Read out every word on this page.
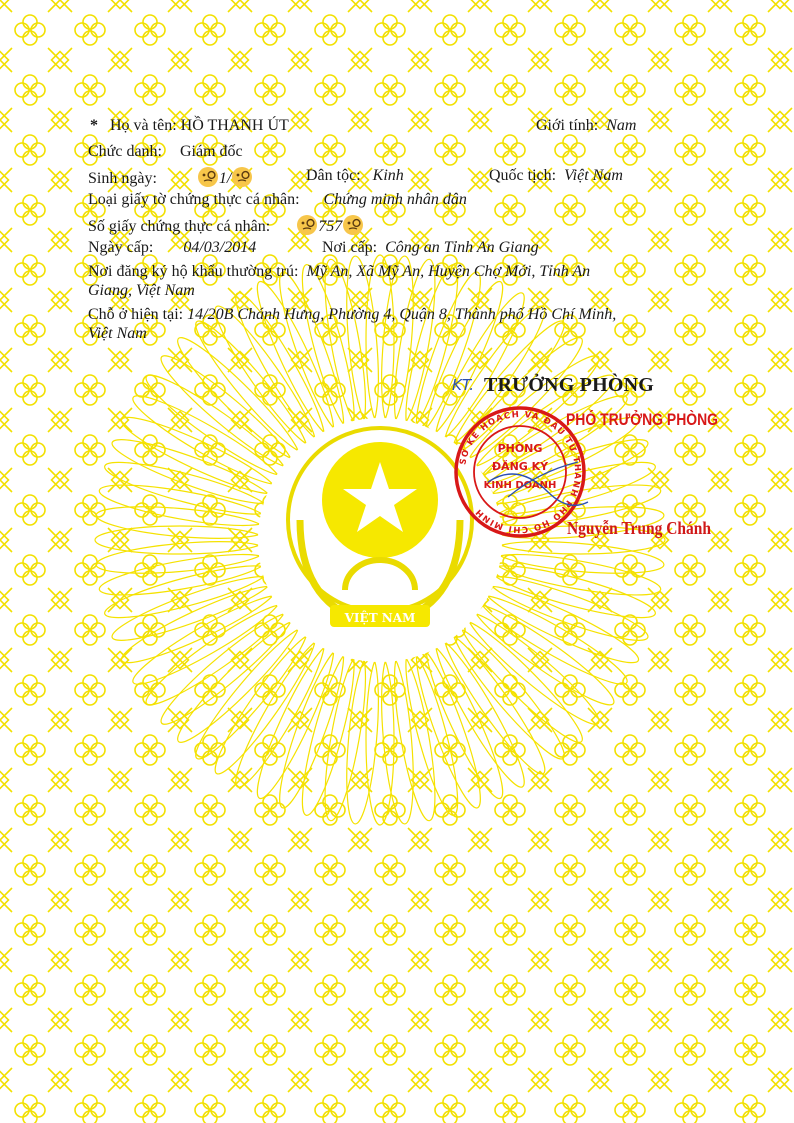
VIỆT NAM
* Họ và tên: HỒ THANH ÚT	Giới tính: Nam
Chức danh: Giám đốc
Sinh ngày:	1/	Dân tộc: Kinh	Quốc tịch: Việt Nam
Loại giấy tờ chứng thực cá nhân: Chứng minh nhân dân
Số giấy chứng thực cá nhân:	757
Ngày cấp: 04/03/2014	Nơi cấp: Công an Tỉnh An Giang
Nơi đăng ký hộ khẩu thường trú: Mỹ An, Xã Mỹ An, Huyện Chợ Mới, Tỉnh An
Giang, Việt Nam
Chỗ ở hiện tại: 14/20B Chánh Hưng, Phường 4, Quận 8, Thành phố Hồ Chí Minh,
Việt Nam
KT. TRƯỞNG PHÒNG
SỞ KẾ HOẠCH VÀ ĐẦU TƯ THÀNH PHỐ HỒ CHÍ MINH
PHÒNG
ĐĂNG KÝ
KINH DOANH
PHÓ TRƯỞNG PHÒNG
Nguyễn Trung Chánh
